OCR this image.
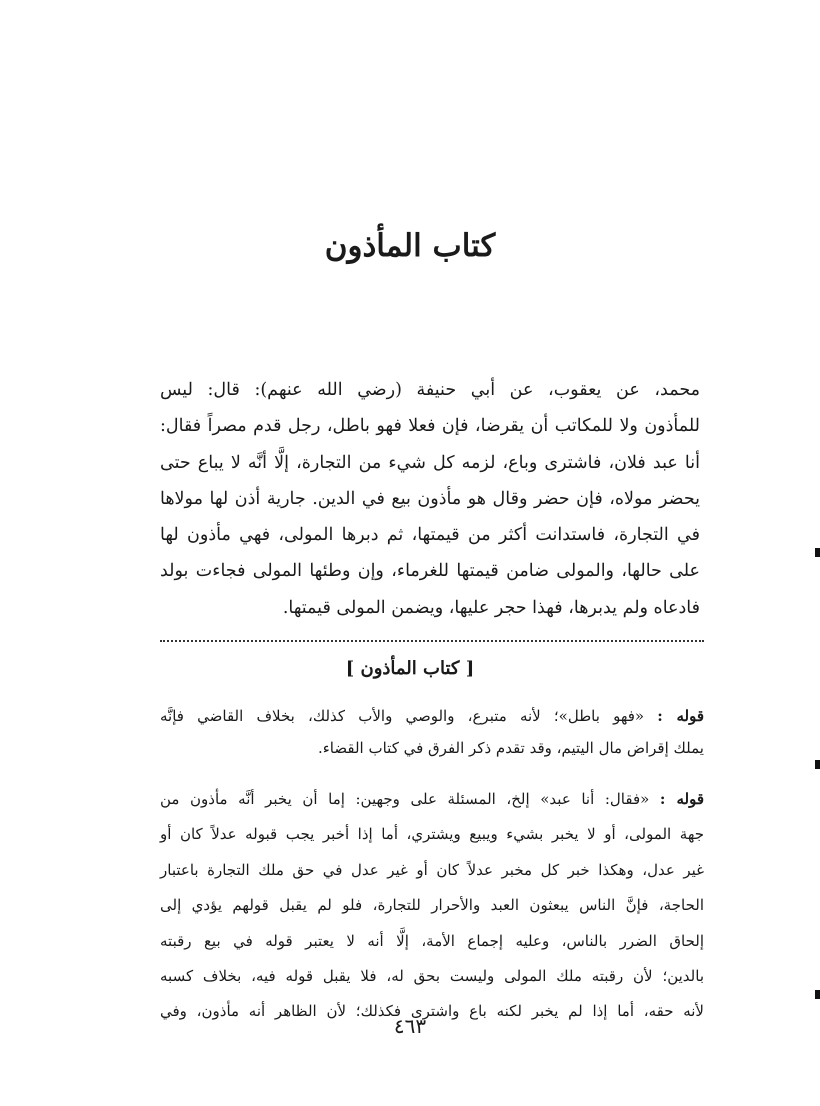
كتاب المأذون
محمد، عن يعقوب، عن أبي حنيفة (رضي الله عنهم): قال: ليس
للمأذون ولا للمكاتب أن يقرضا، فإن فعلا فهو باطل، رجل قدم مصراً فقال:
أنا عبد فلان، فاشترى وباع، لزمه كل شيء من التجارة، إلَّا أنَّه لا يباع حتى
يحضر مولاه، فإن حضر وقال هو مأذون بيع في الدين. جارية أذن لها مولاها
في التجارة، فاستدانت أكثر من قيمتها، ثم دبرها المولى، فهي مأذون لها
على حالها، والمولى ضامن قيمتها للغرماء، وإن وطئها المولى فجاءت بولد
فادعاه ولم يدبرها، فهذا حجر عليها، ويضمن المولى قيمتها.
[ كتاب المأذون ]
قوله : «فهو باطل»؛ لأنه متبرع، والوصي والأب كذلك، بخلاف القاضي فإنَّه
يملك إقراض مال اليتيم، وقد تقدم ذكر الفرق في كتاب القضاء.
قوله : «فقال: أنا عبد» إلخ، المسئلة على وجهين: إما أن يخبر أنَّه مأذون من
جهة المولى، أو لا يخبر بشيء ويبيع ويشتري، أما إذا أخبر يجب قبوله عدلاً كان أو
غير عدل، وهكذا خبر كل مخبر عدلاً كان أو غير عدل في حق ملك التجارة باعتبار
الحاجة، فإنَّ الناس يبعثون العبد والأحرار للتجارة، فلو لم يقبل قولهم يؤدي إلى
إلحاق الضرر بالناس، وعليه إجماع الأمة، إلَّا أنه لا يعتبر قوله في بيع رقبته
بالدين؛ لأن رقبته ملك المولى وليست بحق له، فلا يقبل قوله فيه، بخلاف كسبه
لأنه حقه، أما إذا لم يخبر لكنه باع واشترى فكذلك؛ لأن الظاهر أنه مأذون، وفي
٤٦٣
